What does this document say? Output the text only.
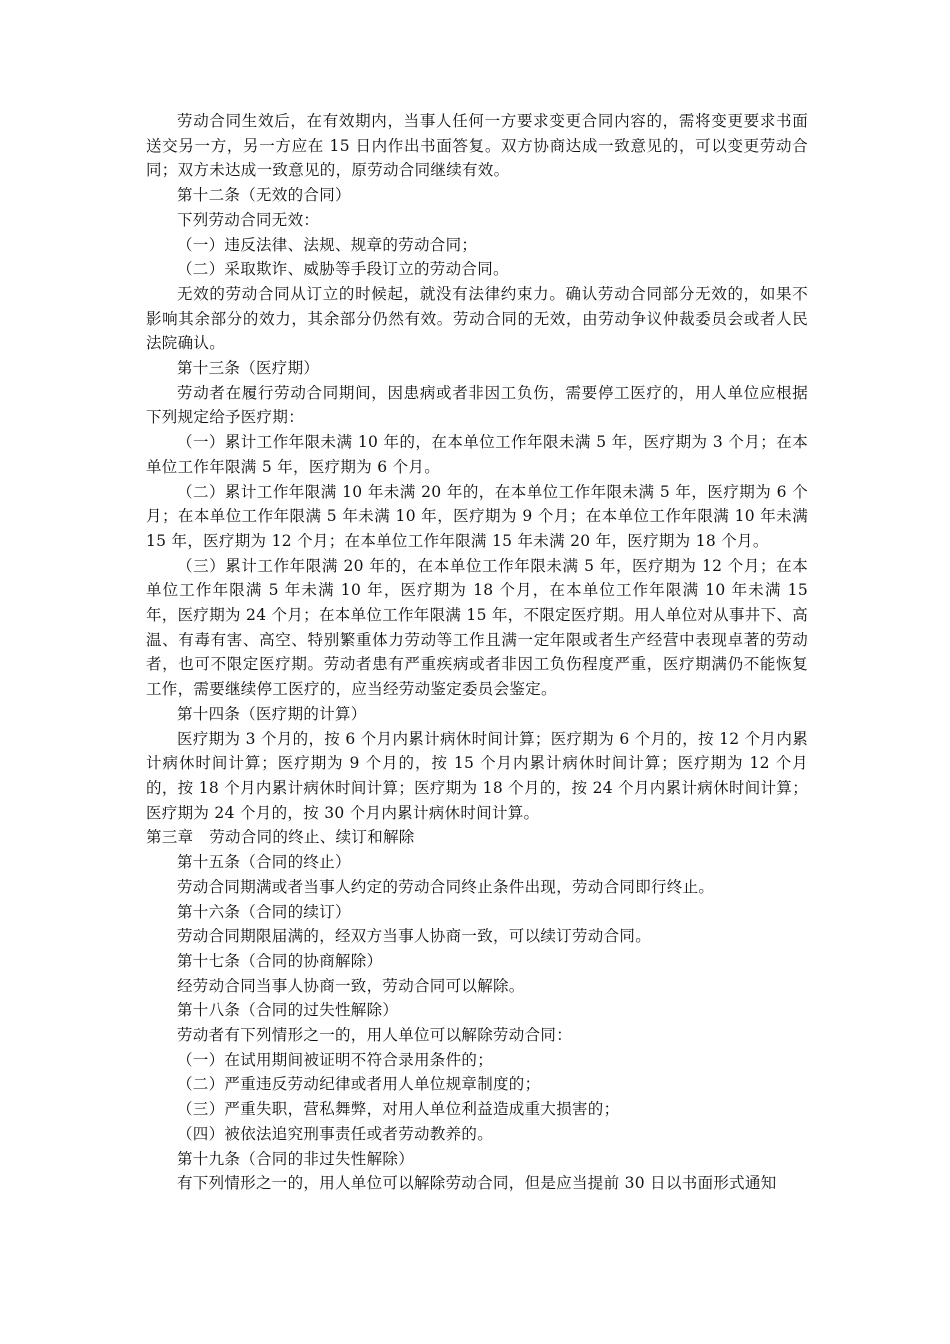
劳动合同生效后，在有效期内，当事人任何一方要求变更合同内容的，需将变更要求书面送交另一方，另一方应在 15 日内作出书面答复。双方协商达成一致意见的，可以变更劳动合同；双方未达成一致意见的，原劳动合同继续有效。

第十二条（无效的合同）

下列劳动合同无效：

（一）违反法律、法规、规章的劳动合同；

（二）采取欺诈、威胁等手段订立的劳动合同。

无效的劳动合同从订立的时候起，就没有法律约束力。确认劳动合同部分无效的，如果不影响其余部分的效力，其余部分仍然有效。劳动合同的无效，由劳动争议仲裁委员会或者人民法院确认。

第十三条（医疗期）

劳动者在履行劳动合同期间，因患病或者非因工负伤，需要停工医疗的，用人单位应根据下列规定给予医疗期：

（一）累计工作年限未满 10 年的，在本单位工作年限未满 5 年，医疗期为 3 个月；在本单位工作年限满 5 年，医疗期为 6 个月。

（二）累计工作年限满 10 年未满 20 年的，在本单位工作年限未满 5 年，医疗期为 6 个月；在本单位工作年限满 5 年未满 10 年，医疗期为 9 个月；在本单位工作年限满 10 年未满 15 年，医疗期为 12 个月；在本单位工作年限满 15 年未满 20 年，医疗期为 18 个月。

（三）累计工作年限满 20 年的，在本单位工作年限未满 5 年，医疗期为 12 个月；在本单位工作年限满 5 年未满 10 年，医疗期为 18 个月，在本单位工作年限满 10 年未满 15 年，医疗期为 24 个月；在本单位工作年限满 15 年，不限定医疗期。用人单位对从事井下、高温、有毒有害、高空、特别繁重体力劳动等工作且满一定年限或者生产经营中表现卓著的劳动者，也可不限定医疗期。劳动者患有严重疾病或者非因工负伤程度严重，医疗期满仍不能恢复工作，需要继续停工医疗的，应当经劳动鉴定委员会鉴定。

第十四条（医疗期的计算）

医疗期为 3 个月的，按 6 个月内累计病休时间计算；医疗期为 6 个月的，按 12 个月内累计病休时间计算；医疗期为 9 个月的，按 15 个月内累计病休时间计算；医疗期为 12 个月的，按 18 个月内累计病休时间计算；医疗期为 18 个月的，按 24 个月内累计病休时间计算；医疗期为 24 个月的，按 30 个月内累计病休时间计算。

第三章　劳动合同的终止、续订和解除

第十五条（合同的终止）

劳动合同期满或者当事人约定的劳动合同终止条件出现，劳动合同即行终止。

第十六条（合同的续订）

劳动合同期限届满的，经双方当事人协商一致，可以续订劳动合同。

第十七条（合同的协商解除）

经劳动合同当事人协商一致，劳动合同可以解除。

第十八条（合同的过失性解除）

劳动者有下列情形之一的，用人单位可以解除劳动合同：

（一）在试用期间被证明不符合录用条件的；

（二）严重违反劳动纪律或者用人单位规章制度的；

（三）严重失职，营私舞弊，对用人单位利益造成重大损害的；

（四）被依法追究刑事责任或者劳动教养的。

第十九条（合同的非过失性解除）

有下列情形之一的，用人单位可以解除劳动合同，但是应当提前 30 日以书面形式通知
